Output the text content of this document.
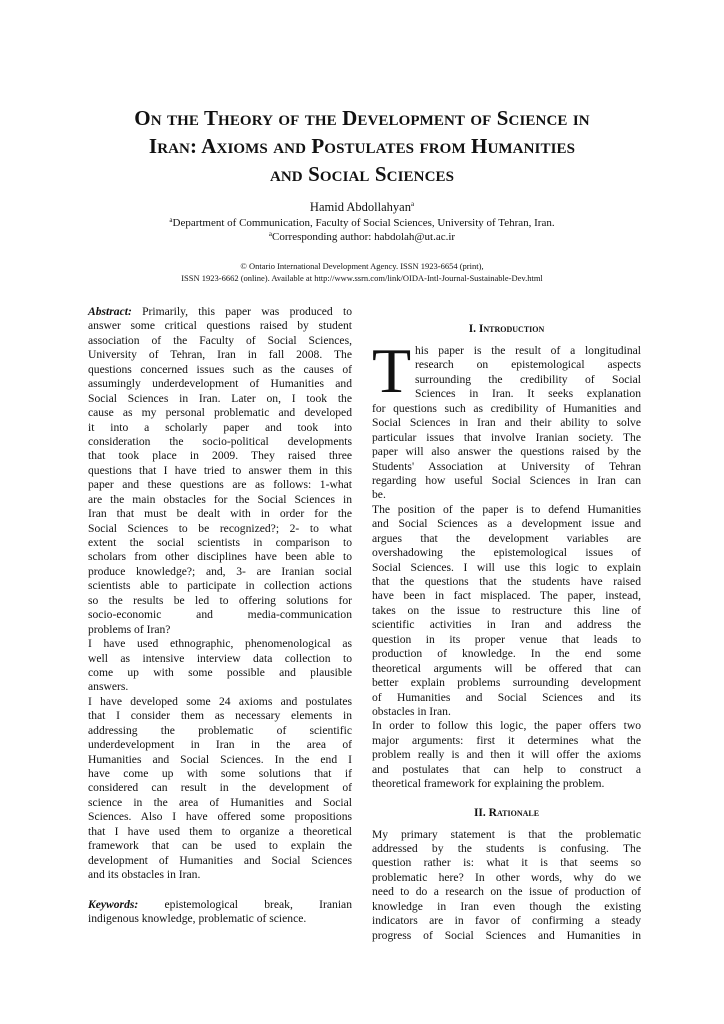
On the Theory of the Development of Science in
Iran: Axioms and Postulates from Humanities
and Social Sciences
Hamid Abdollahyan$^a$
$^a$Department of Communication, Faculty of Social Sciences, University of Tehran, Iran.
$^a$Corresponding author: habdolah@ut.ac.ir
© Ontario International Development Agency. ISSN 1923-6654 (print),
ISSN 1923-6662 (online). Available at http://www.ssrn.com/link/OIDA-Intl-Journal-Sustainable-Dev.html
Abstract: Primarily, this paper was produced to
answer some critical questions raised by student
association of the Faculty of Social Sciences,
University of Tehran, Iran in fall 2008. The
questions concerned issues such as the causes of
assumingly underdevelopment of Humanities and
Social Sciences in Iran. Later on, I took the
cause as my personal problematic and developed
it into a scholarly paper and took into
consideration the socio-political developments
that took place in 2009. They raised three
questions that I have tried to answer them in this
paper and these questions are as follows: 1-what
are the main obstacles for the Social Sciences in
Iran that must be dealt with in order for the
Social Sciences to be recognized?; 2- to what
extent the social scientists in comparison to
scholars from other disciplines have been able to
produce knowledge?; and, 3- are Iranian social
scientists able to participate in collection actions
so the results be led to offering solutions for
socio-economic and media-communication
problems of Iran?
I have used ethnographic, phenomenological as
well as intensive interview data collection to
come up with some possible and plausible
answers.
I have developed some 24 axioms and postulates
that I consider them as necessary elements in
addressing the problematic of scientific
underdevelopment in Iran in the area of
Humanities and Social Sciences. In the end I
have come up with some solutions that if
considered can result in the development of
science in the area of Humanities and Social
Sciences. Also I have offered some propositions
that I have used them to organize a theoretical
framework that can be used to explain the
development of Humanities and Social Sciences
and its obstacles in Iran.
Keywords: epistemological break, Iranian
indigenous knowledge, problematic of science.
I. Introduction
T his paper is the result of a longitudinal
research on epistemological aspects
surrounding the credibility of Social
Sciences in Iran. It seeks explanation
for questions such as credibility of Humanities and
Social Sciences in Iran and their ability to solve
particular issues that involve Iranian society. The
paper will also answer the questions raised by the
Students' Association at University of Tehran
regarding how useful Social Sciences in Iran can
be.
The position of the paper is to defend Humanities
and Social Sciences as a development issue and
argues that the development variables are
overshadowing the epistemological issues of
Social Sciences. I will use this logic to explain
that the questions that the students have raised
have been in fact misplaced. The paper, instead,
takes on the issue to restructure this line of
scientific activities in Iran and address the
question in its proper venue that leads to
production of knowledge. In the end some
theoretical arguments will be offered that can
better explain problems surrounding development
of Humanities and Social Sciences and its
obstacles in Iran.
In order to follow this logic, the paper offers two
major arguments: first it determines what the
problem really is and then it will offer the axioms
and postulates that can help to construct a
theoretical framework for explaining the problem.
II. Rationale
My primary statement is that the problematic
addressed by the students is confusing. The
question rather is: what it is that seems so
problematic here? In other words, why do we
need to do a research on the issue of production of
knowledge in Iran even though the existing
indicators are in favor of confirming a steady
progress of Social Sciences and Humanities in
